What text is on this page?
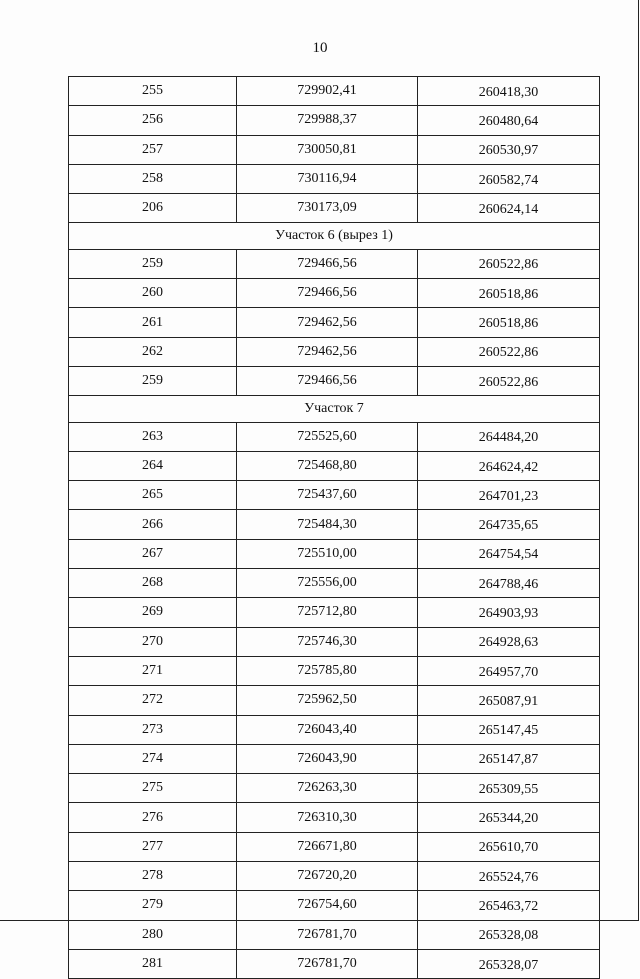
10
255	729902,41	260418,30
256	729988,37	260480,64
257	730050,81	260530,97
258	730116,94	260582,74
206	730173,09	260624,14
Участок 6 (вырез 1)		
259	729466,56	260522,86
260	729466,56	260518,86
261	729462,56	260518,86
262	729462,56	260522,86
259	729466,56	260522,86
Участок 7		
263	725525,60	264484,20
264	725468,80	264624,42
265	725437,60	264701,23
266	725484,30	264735,65
267	725510,00	264754,54
268	725556,00	264788,46
269	725712,80	264903,93
270	725746,30	264928,63
271	725785,80	264957,70
272	725962,50	265087,91
273	726043,40	265147,45
274	726043,90	265147,87
275	726263,30	265309,55
276	726310,30	265344,20
277	726671,80	265610,70
278	726720,20	265524,76
279	726754,60	265463,72
280	726781,70	265328,08
281	726781,70	265328,07
